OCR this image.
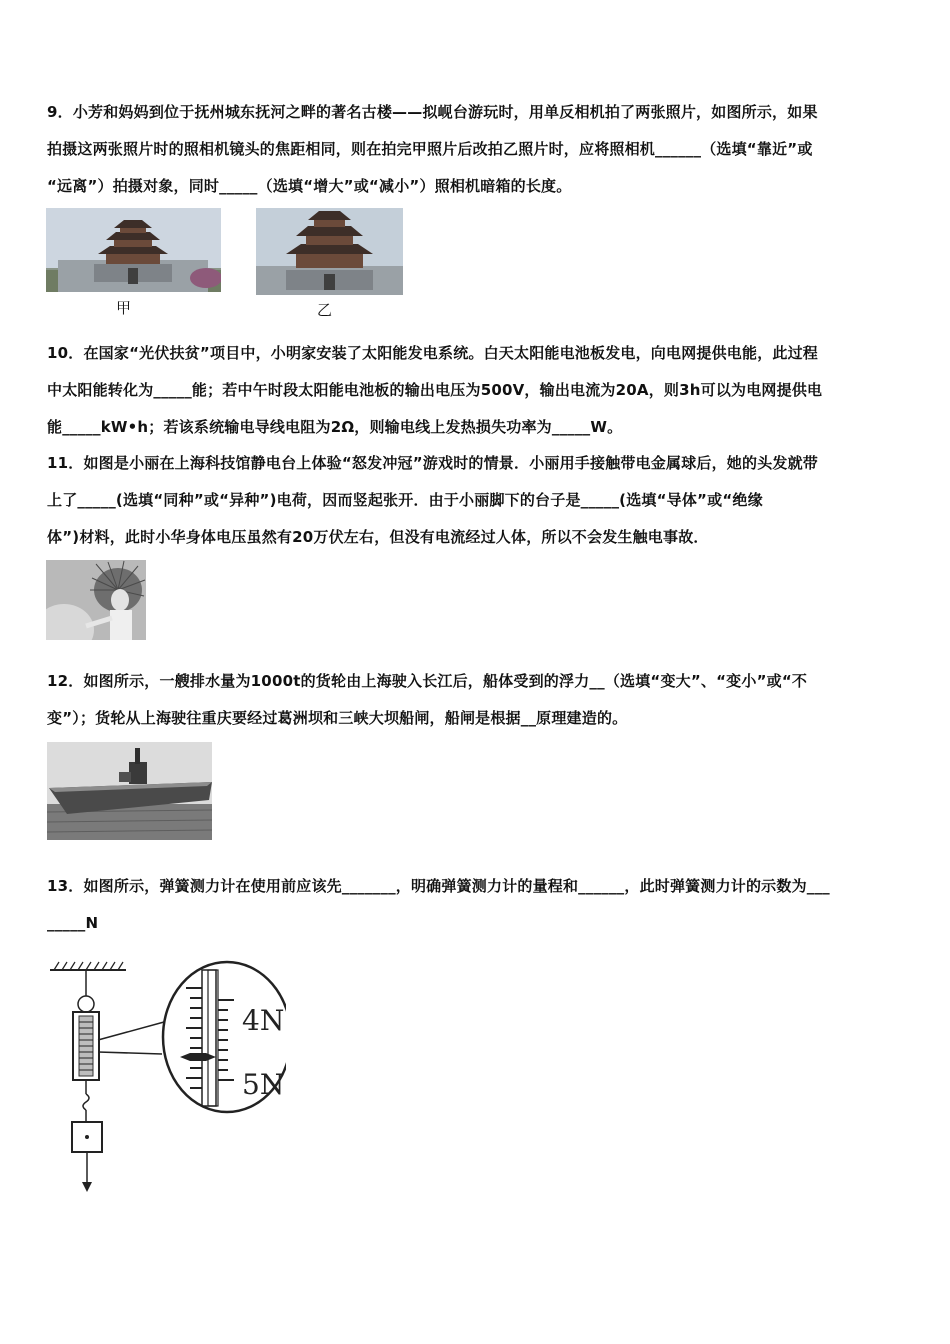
9．小芳和妈妈到位于抚州城东抚河之畔的著名古楼——拟岘台游玩时，用单反相机拍了两张照片，如图所示，如果

拍摄这两张照片时的照相机镜头的焦距相同，则在拍完甲照片后改拍乙照片时，应将照相机______（选填“靠近”或

“远离”）拍摄对象，同时_____（选填“增大”或“减小”）照相机暗箱的长度。

甲	乙

10．在国家“光伏扶贫”项目中，小明家安装了太阳能发电系统。白天太阳能电池板发电，向电网提供电能，此过程

中太阳能转化为_____能；若中午时段太阳能电池板的输出电压为500V，输出电流为20A，则3h可以为电网提供电

能_____kW•h；若该系统输电导线电阻为2Ω，则输电线上发热损失功率为_____W。

11．如图是小丽在上海科技馆静电台上体验“怒发冲冠”游戏时的情景．小丽用手接触带电金属球后，她的头发就带

上了_____(选填“同种”或“异种”)电荷，因而竖起张开．由于小丽脚下的台子是_____(选填“导体”或“绝缘

体”)材料，此时小华身体电压虽然有20万伏左右，但没有电流经过人体，所以不会发生触电事故．

12．如图所示，一艘排水量为1000t的货轮由上海驶入长江后，船体受到的浮力__（选填“变大”、“变小”或“不

变”）；货轮从上海驶往重庆要经过葛洲坝和三峡大坝船闸，船闸是根据__原理建造的。

13．如图所示，弹簧测力计在使用前应该先_______，明确弹簧测力计的量程和______，此时弹簧测力计的示数为___

_____N

4N
5N
